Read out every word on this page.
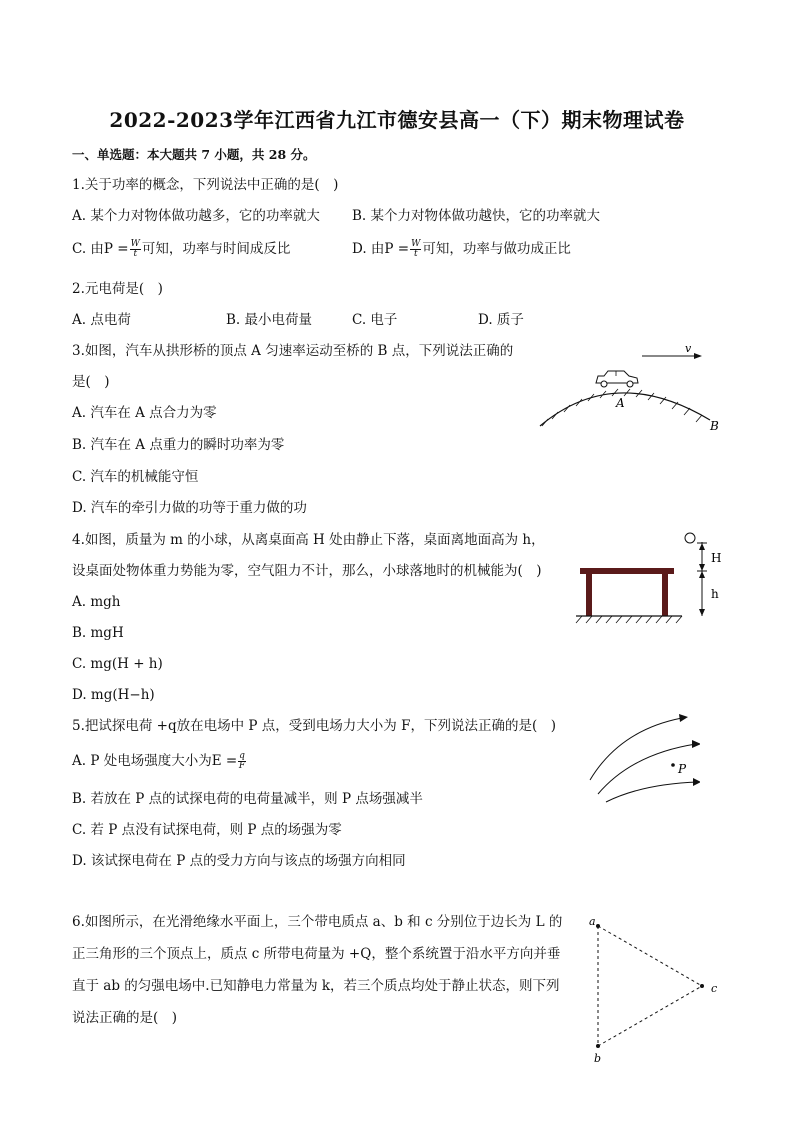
2022-2023学年江西省九江市德安县高一（下）期末物理试卷
一、单选题：本大题共 7 小题，共 28 分。
1.关于功率的概念，下列说法中正确的是( )
A. 某个力对物体做功越多，它的功率就大 B. 某个力对物体做功越快，它的功率就大
C. 由$P = \frac{W}{t}$ 可知，功率与时间成反比	D. 由$P = \frac{W}{t}$ 可知，功率与做功成正比
2.元电荷是( )
A. 点电荷	B. 最小电荷量	C. 电子	D. 质子
3.如图，汽车从拱形桥的顶点 A 匀速率运动至桥的 B 点，下列说法正确的
是( )
A. 汽车在 A 点合力为零
B. 汽车在 A 点重力的瞬时功率为零
C. 汽车的机械能守恒
D. 汽车的牵引力做的功等于重力做的功
v
A
B
4.如图，质量为 m 的小球，从离桌面高 H 处由静止下落，桌面离地面高为 h，
设桌面处物体重力势能为零，空气阻力不计，那么，小球落地时的机械能为( )
A. mgh
B. mgH
C. mg(H + h)
D. mg(H−h)
H
h
5.把试探电荷 +q放在电场中 P 点，受到电场力大小为 F，下列说法正确的是( )
A. P 处电场强度大小为$E = \frac{q}{F}$
B. 若放在 P 点的试探电荷的电荷量减半，则 P 点场强减半
C. 若 P 点没有试探电荷，则 P 点的场强为零
D. 该试探电荷在 P 点的受力方向与该点的场强方向相同
P
6.如图所示，在光滑绝缘水平面上，三个带电质点 a、b 和 c 分别位于边长为 L 的
正三角形的三个顶点上，质点 c 所带电荷量为 +Q，整个系统置于沿水平方向并垂
直于 ab 的匀强电场中.已知静电力常量为 k，若三个质点均处于静止状态，则下列
说法正确的是( )
a
b
c
